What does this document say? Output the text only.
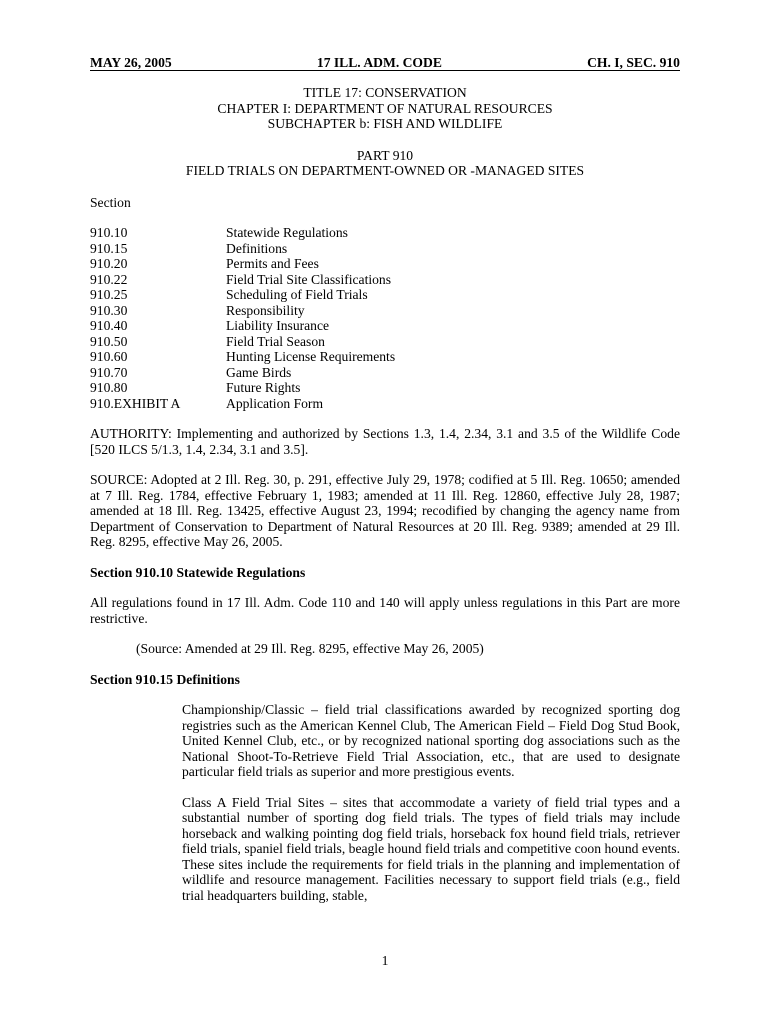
MAY 26, 2005	17 ILL. ADM. CODE	CH. I, SEC. 910
TITLE 17: CONSERVATION
CHAPTER I: DEPARTMENT OF NATURAL RESOURCES
SUBCHAPTER b: FISH AND WILDLIFE
PART 910
FIELD TRIALS ON DEPARTMENT-OWNED OR -MANAGED SITES
Section
910.10	Statewide Regulations
910.15	Definitions
910.20	Permits and Fees
910.22	Field Trial Site Classifications
910.25	Scheduling of Field Trials
910.30	Responsibility
910.40	Liability Insurance
910.50	Field Trial Season
910.60	Hunting License Requirements
910.70	Game Birds
910.80	Future Rights
910.EXHIBIT A	Application Form

AUTHORITY: Implementing and authorized by Sections 1.3, 1.4, 2.34, 3.1 and 3.5 of the Wildlife Code [520 ILCS 5/1.3, 1.4, 2.34, 3.1 and 3.5].

SOURCE: Adopted at 2 Ill. Reg. 30, p. 291, effective July 29, 1978; codified at 5 Ill. Reg. 10650; amended at 7 Ill. Reg. 1784, effective February 1, 1983; amended at 11 Ill. Reg. 12860, effective July 28, 1987; amended at 18 Ill. Reg. 13425, effective August 23, 1994; recodified by changing the agency name from Department of Conservation to Department of Natural Resources at 20 Ill. Reg. 9389; amended at 29 Ill. Reg. 8295, effective May 26, 2005.

Section 910.10 Statewide Regulations

All regulations found in 17 Ill. Adm. Code 110 and 140 will apply unless regulations in this Part are more restrictive.

(Source: Amended at 29 Ill. Reg. 8295, effective May 26, 2005)

Section 910.15 Definitions

Championship/Classic – field trial classifications awarded by recognized sporting dog registries such as the American Kennel Club, The American Field – Field Dog Stud Book, United Kennel Club, etc., or by recognized national sporting dog associations such as the National Shoot-To-Retrieve Field Trial Association, etc., that are used to designate particular field trials as superior and more prestigious events.

Class A Field Trial Sites – sites that accommodate a variety of field trial types and a substantial number of sporting dog field trials. The types of field trials may include horseback and walking pointing dog field trials, horseback fox hound field trials, retriever field trials, spaniel field trials, beagle hound field trials and competitive coon hound events. These sites include the requirements for field trials in the planning and implementation of wildlife and resource management. Facilities necessary to support field trials (e.g., field trial headquarters building, stable,

1
